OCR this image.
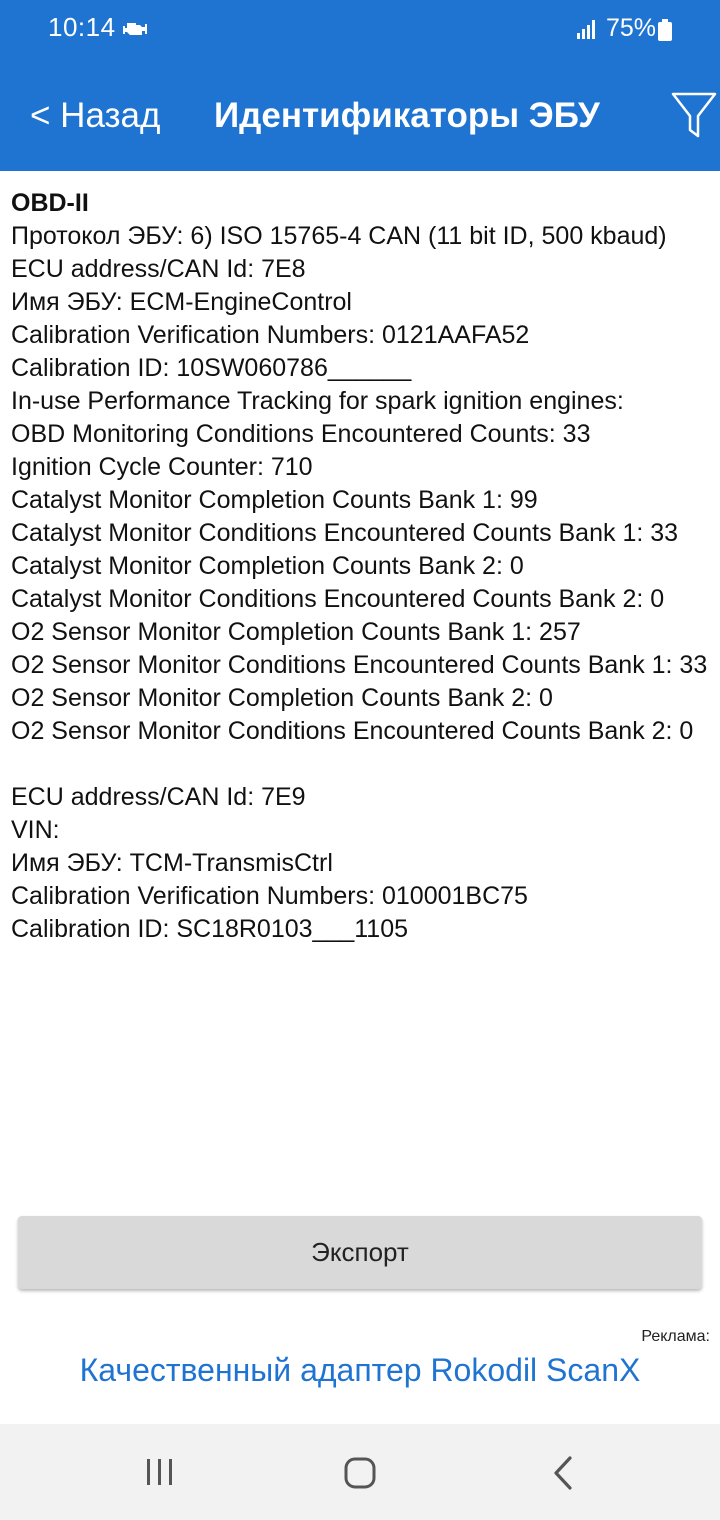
10:14	75%
< Назад Идентификаторы ЭБУ
OBD-II
Протокол ЭБУ: 6) ISO 15765-4 CAN (11 bit ID, 500 kbaud)
ECU address/CAN Id: 7E8
Имя ЭБУ: ECM-EngineControl
Calibration Verification Numbers: 0121AAFA52
Calibration ID: 10SW060786______
In-use Performance Tracking for spark ignition engines:
OBD Monitoring Conditions Encountered Counts: 33
Ignition Cycle Counter: 710
Catalyst Monitor Completion Counts Bank 1: 99
Catalyst Monitor Conditions Encountered Counts Bank 1: 33
Catalyst Monitor Completion Counts Bank 2: 0
Catalyst Monitor Conditions Encountered Counts Bank 2: 0
O2 Sensor Monitor Completion Counts Bank 1: 257
O2 Sensor Monitor Conditions Encountered Counts Bank 1: 33
O2 Sensor Monitor Completion Counts Bank 2: 0
O2 Sensor Monitor Conditions Encountered Counts Bank 2: 0
ECU address/CAN Id: 7E9
VIN:
Имя ЭБУ: TCM-TransmisCtrl
Calibration Verification Numbers: 010001BC75
Calibration ID: SC18R0103___1105
Экспорт
Реклама:
Качественный адаптер Rokodil ScanX
